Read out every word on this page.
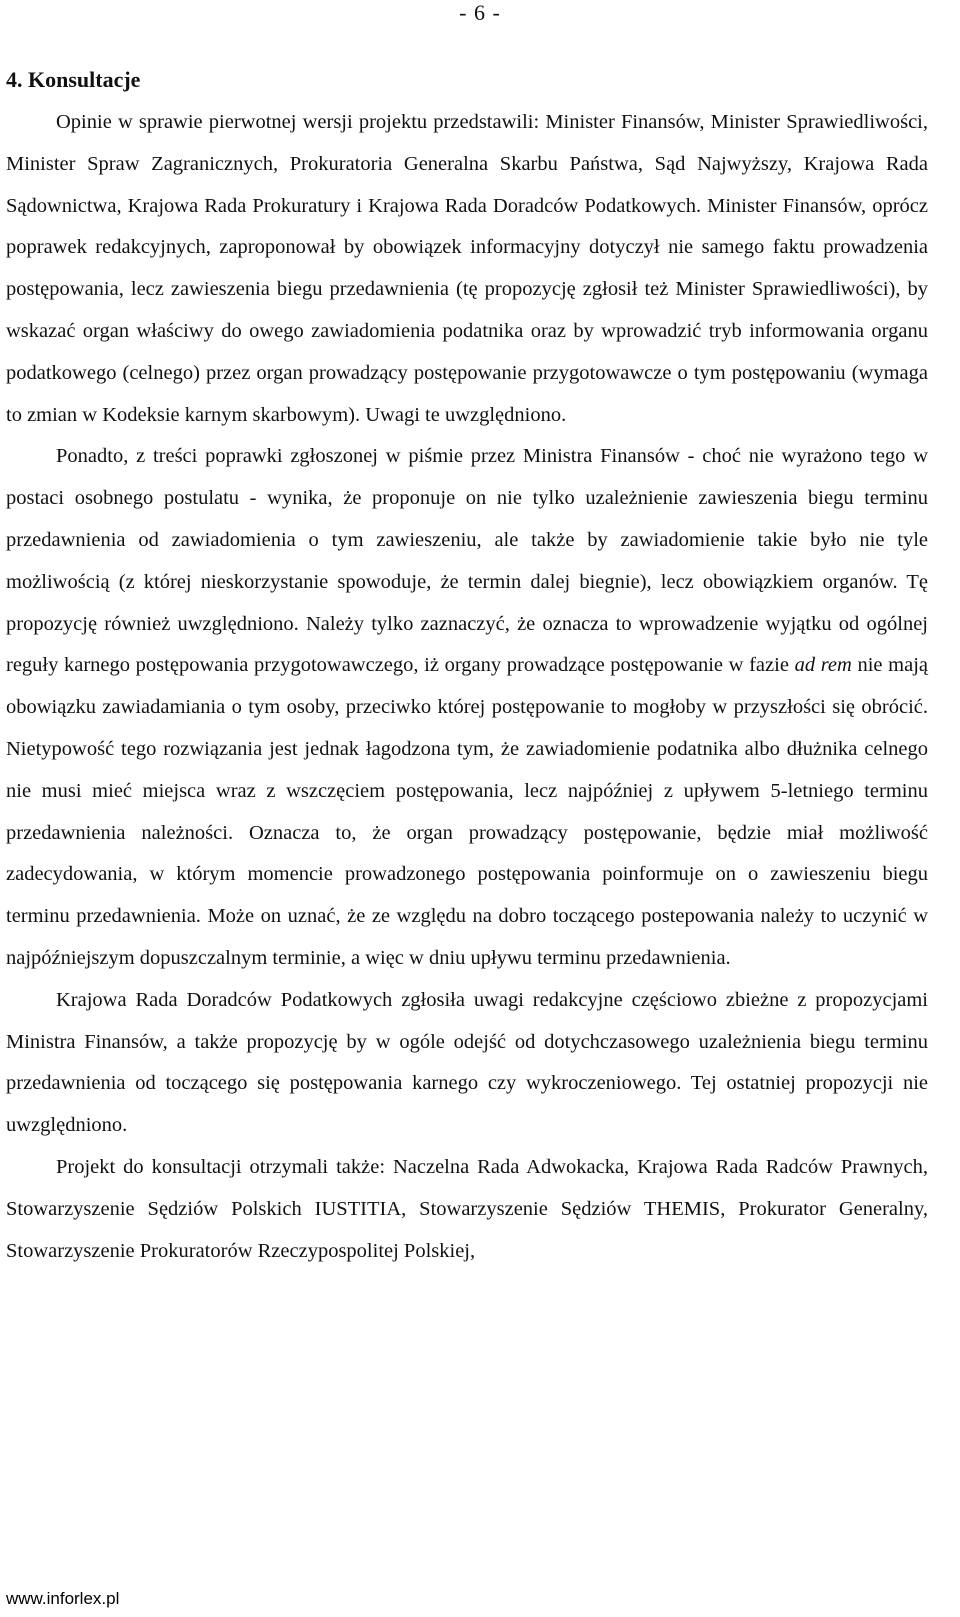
- 6 -
4. Konsultacje

Opinie w sprawie pierwotnej wersji projektu przedstawili: Minister Finansów, Minister Sprawiedliwości, Minister Spraw Zagranicznych, Prokuratoria Generalna Skarbu Państwa, Sąd Najwyższy, Krajowa Rada Sądownictwa, Krajowa Rada Prokuratury i Krajowa Rada Doradców Podatkowych. Minister Finansów, oprócz poprawek redakcyjnych, zaproponował by obowiązek informacyjny dotyczył nie samego faktu prowadzenia postępowania, lecz zawieszenia biegu przedawnienia (tę propozycję zgłosił też Minister Sprawiedliwości), by wskazać organ właściwy do owego zawiadomienia podatnika oraz by wprowadzić tryb informowania organu podatkowego (celnego) przez organ prowadzący postępowanie przygotowawcze o tym postępowaniu (wymaga to zmian w Kodeksie karnym skarbowym). Uwagi te uwzględniono.

Ponadto, z treści poprawki zgłoszonej w piśmie przez Ministra Finansów - choć nie wyrażono tego w postaci osobnego postulatu - wynika, że proponuje on nie tylko uzależnienie zawieszenia biegu terminu przedawnienia od zawiadomienia o tym zawieszeniu, ale także by zawiadomienie takie było nie tyle możliwością (z której nieskorzystanie spowoduje, że termin dalej biegnie), lecz obowiązkiem organów. Tę propozycję również uwzględniono. Należy tylko zaznaczyć, że oznacza to wprowadzenie wyjątku od ogólnej reguły karnego postępowania przygotowawczego, iż organy prowadzące postępowanie w fazie ad rem nie mają obowiązku zawiadamiania o tym osoby, przeciwko której postępowanie to mogłoby w przyszłości się obrócić. Nietypowość tego rozwiązania jest jednak łagodzona tym, że zawiadomienie podatnika albo dłużnika celnego nie musi mieć miejsca wraz z wszczęciem postępowania, lecz najpóźniej z upływem 5-letniego terminu przedawnienia należności. Oznacza to, że organ prowadzący postępowanie, będzie miał możliwość zadecydowania, w którym momencie prowadzonego postępowania poinformuje on o zawieszeniu biegu terminu przedawnienia. Może on uznać, że ze względu na dobro toczącego postepowania należy to uczynić w najpóźniejszym dopuszczalnym terminie, a więc w dniu upływu terminu przedawnienia.

Krajowa Rada Doradców Podatkowych zgłosiła uwagi redakcyjne częściowo zbieżne z propozycjami Ministra Finansów, a także propozycję by w ogóle odejść od dotychczasowego uzależnienia biegu terminu przedawnienia od toczącego się postępowania karnego czy wykroczeniowego. Tej ostatniej propozycji nie uwzględniono.

Projekt do konsultacji otrzymali także: Naczelna Rada Adwokacka, Krajowa Rada Radców Prawnych, Stowarzyszenie Sędziów Polskich IUSTITIA, Stowarzyszenie Sędziów THEMIS, Prokurator Generalny, Stowarzyszenie Prokuratorów Rzeczypospolitej Polskiej,

www.inforlex.pl
